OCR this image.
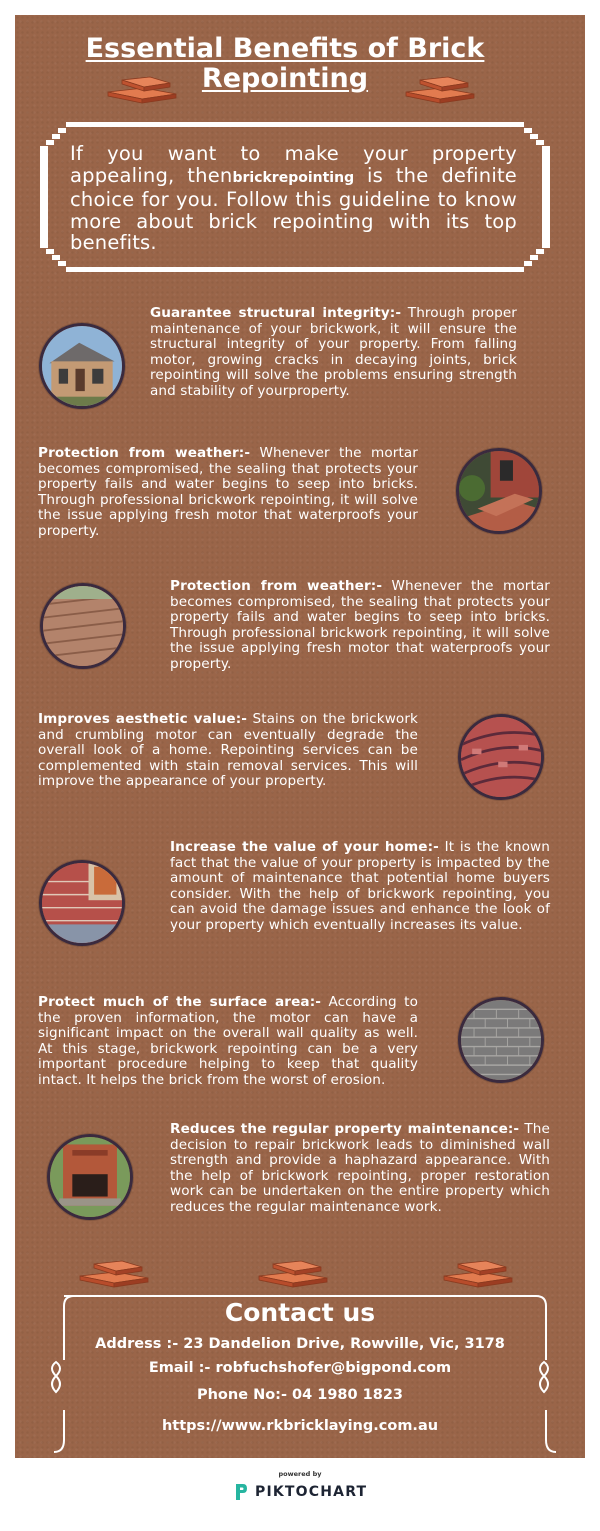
Essential Benefits of Brick
Repointing
If you want to make your property appealing, thenbrickrepointing is the definite choice for you. Follow this guideline to know more about brick repointing with its top benefits.
Guarantee structural integrity:- Through proper maintenance of your brickwork, it will ensure the structural integrity of your property. From falling motor, growing cracks in decaying joints, brick repointing will solve the problems ensuring strength and stability of yourproperty.
Protection from weather:- Whenever the mortar becomes compromised, the sealing that protects your property fails and water begins to seep into bricks. Through professional brickwork repointing, it will solve the issue applying fresh motor that waterproofs your property.
Protection from weather:- Whenever the mortar becomes compromised, the sealing that protects your property fails and water begins to seep into bricks. Through professional brickwork repointing, it will solve the issue applying fresh motor that waterproofs your property.
Improves aesthetic value:- Stains on the brickwork and crumbling motor can eventually degrade the overall look of a home. Repointing services can be complemented with stain removal services. This will improve the appearance of your property.
Increase the value of your home:- It is the known fact that the value of your property is impacted by the amount of maintenance that potential home buyers consider. With the help of brickwork repointing, you can avoid the damage issues and enhance the look of your property which eventually increases its value.
Protect much of the surface area:- According to the proven information, the motor can have a significant impact on the overall wall quality as well. At this stage, brickwork repointing can be a very important procedure helping to keep that quality intact. It helps the brick from the worst of erosion.
Reduces the regular property maintenance:- The decision to repair brickwork leads to diminished wall strength and provide a haphazard appearance. With the help of brickwork repointing, proper restoration work can be undertaken on the entire property which reduces the regular maintenance work.
Contact us
Address :- 23 Dandelion Drive, Rowville, Vic, 3178
Email :- robfuchshofer@bigpond.com
Phone No:- 04 1980 1823
https://www.rkbricklaying.com.au
powered by
PIKTOCHART
